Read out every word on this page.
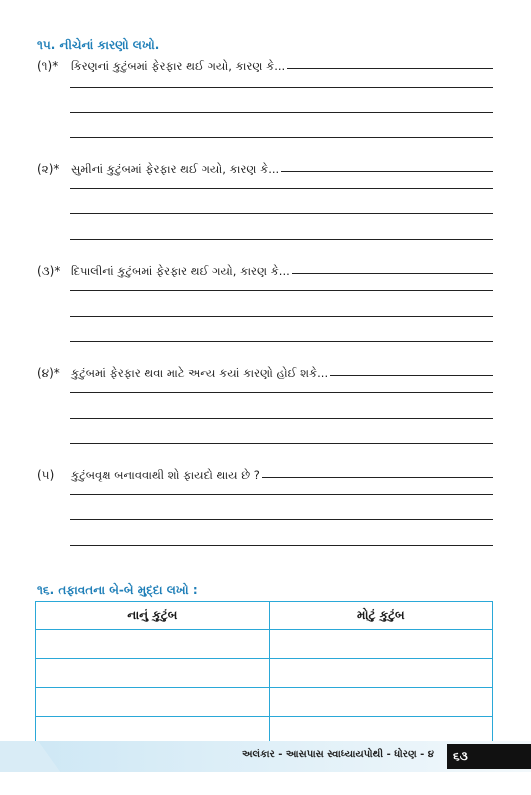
૧૫. નીચેનાં કારણો લખો.
(૧)*	કિરણનાં કુટુંબમાં ફેરફાર થઈ ગયો, કારણ કે...
(૨)*	સુમીનાં કુટુંબમાં ફેરફાર થઈ ગયો, કારણ કે...
(૩)* દિપાલીનાં કુટુંબમાં ફેરફાર થઈ ગયો, કારણ કે...
(૪)* કુટુંબમાં ફેરફાર થવા માટે અન્ય કયાં કારણો હોઈ શકે...
(૫)	કુટુંબવૃક્ષ બનાવવાથી શો ફાયદો થાય છે ?
૧૬. તફાવતના બે-બે મુદ્દા લખો :
નાનું કુટુંબ	મોટું કુટુંબ

અલંકાર - આસપાસ સ્વાધ્યાયપોથી - ધોરણ - ૪	૬૩
